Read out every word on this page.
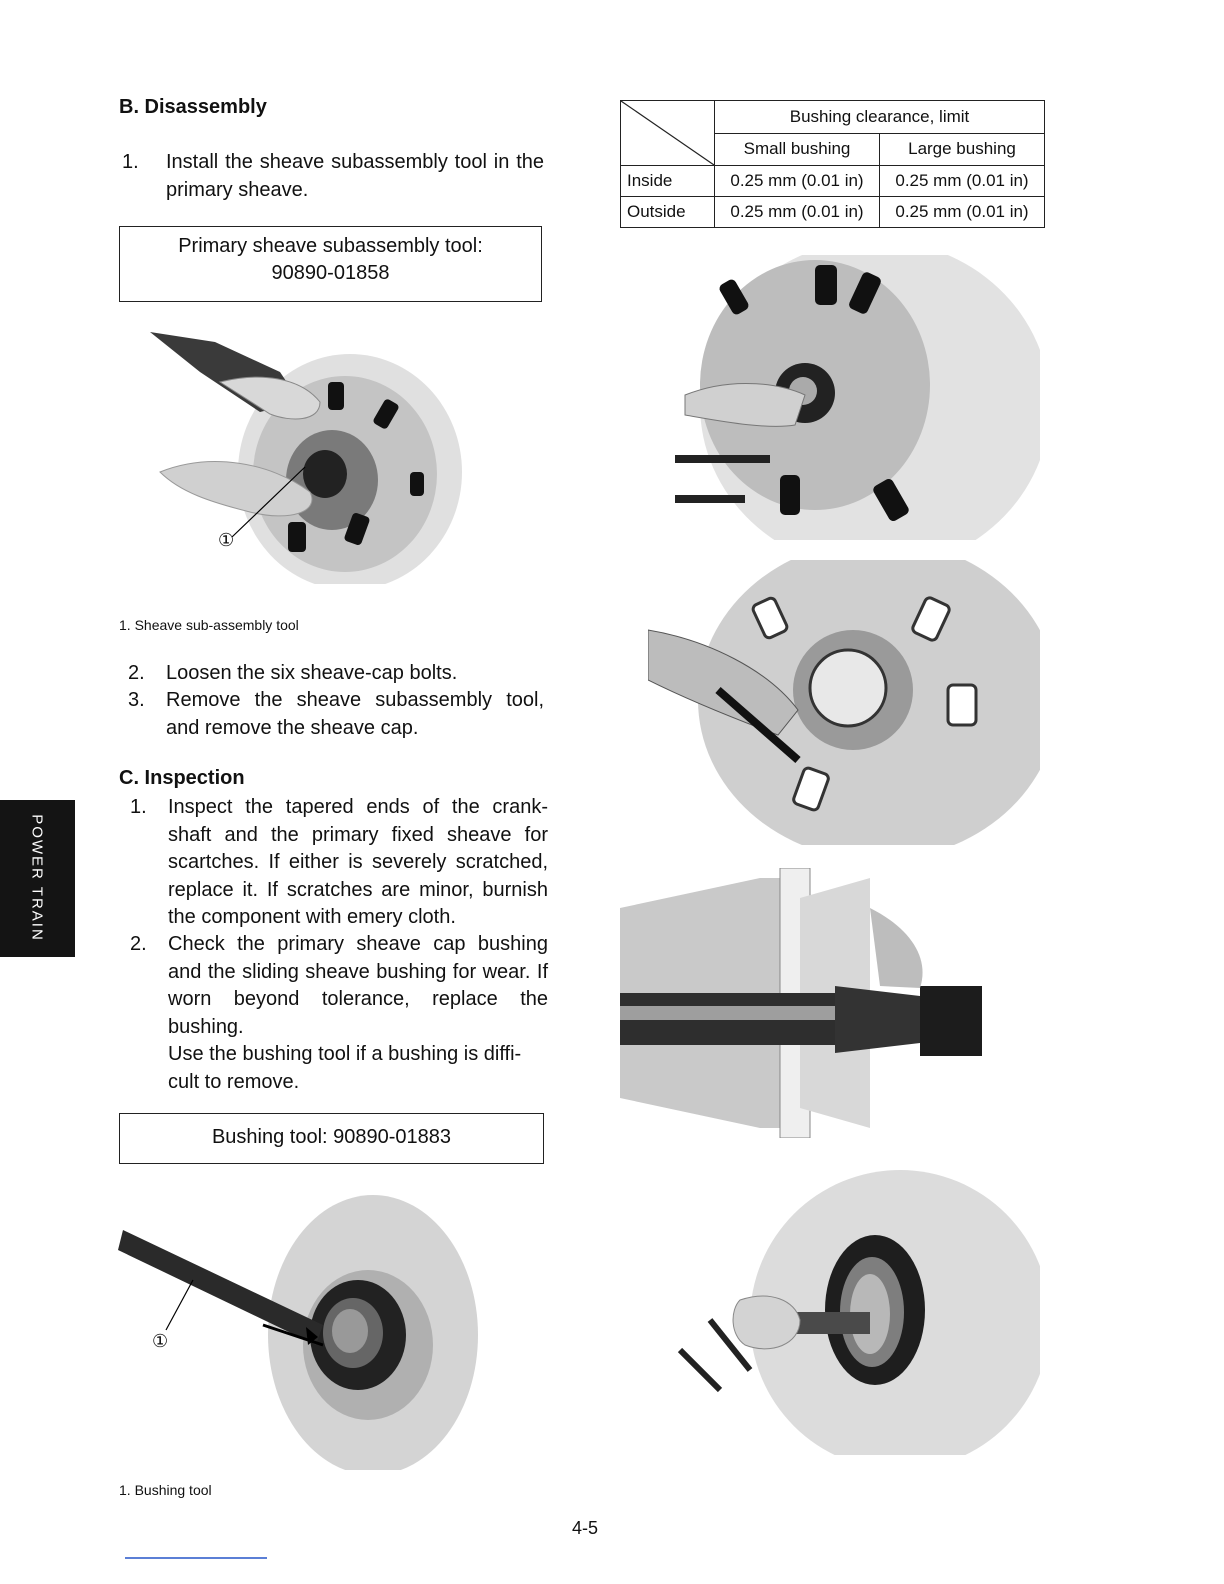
POWER TRAIN
B. Disassembly
1.	Install the sheave subassembly tool in the primary sheave.
Primary sheave subassembly tool:
90890-01858
①
1. Sheave sub-assembly tool
2.	Loosen the six sheave-cap bolts.
3.	Remove the sheave subassembly tool, and remove the sheave cap.
C. Inspection
1.	Inspect the tapered ends of the crank-shaft and the primary fixed sheave for scartches. If either is severely scratched, replace it. If scratches are minor, burnish the component with emery cloth.
2.	Check the primary sheave cap bushing and the sliding sheave bushing for wear. If worn beyond tolerance, replace the bushing.
Use the bushing tool if a bushing is diffi-cult to remove.
Bushing tool: 90890-01883
①
1. Bushing tool
	Bushing clearance, limit	
	Small bushing	Large bushing
Inside	0.25 mm (0.01 in)	0.25 mm (0.01 in)
Outside	0.25 mm (0.01 in)	0.25 mm (0.01 in)
4-5
